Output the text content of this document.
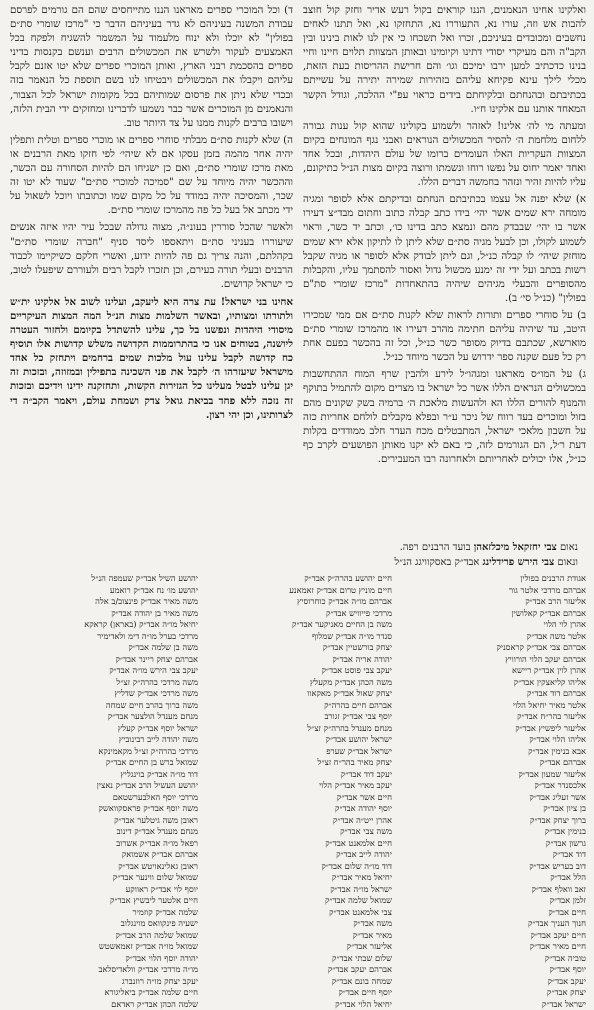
ואלקינו אחינו הנאמנים, הננו קוראים בקול רעש אדיר וחזק קול חוצב להבות אש וזה, עורו נא, התעוררו נא, התחזקו נא, ואל תתנו לאחים נחשבים ומכובדים בעיניכם, זכרו ואל תשכחו כי אין לנו לאות בינינו ובין הקב"ה והם מעיקרי יסודי דתינו וקיומינו ובאותן המצוות תלוים חיינו וחיי בנינו כדכתיב למען ירבו ימיכם וגו׳ והם חרישת ההריסות בעת הזאת, מכלי לילך עינא פקיחא עליהם בזהירות שמירה יתירה על עשייתם בכתיבתם ובהנחתם ובלקיחתם בידים כראוי עפ"י ההלכה, וגודל הקשר המאחד אותנו עם אלקינו ח״ו.

ומעתה מי לה׳ אלינו! לאזהר ולשמוע בקולינו שהוא קול ענות גבורה ללחום מלחמת ה׳ להסיר המכשולים הנוראים ואבני נגף המונחים בקיום המצוות העקריות האלו העומדים ברומו של עולם היהדות, ובכל אחד ואחד יאמר יחוס על נפשו רוחו ונשמתו ורוצה בקיום מצות הנ״ל כתיקונם, עליו להיות זהיר ונזהר בחמשה דברים הללו.

א) שלא יפנה אל עצמו בכתיבתם הנחתם ובדיקתם אלא לסופר ומגיה מומחה ירא שמים אשר יהי׳ בידו כתב קבלה כתוב וחתום מבד״צ דעירו אשר בו יהי׳ שבבדק מהם ונמצא כתב בדינו כו׳, וכתב יד כשר, וראוי לשמוע לקולו, וכן לבעל מגיה סת״ם שלא ליתן לו לתיקון אלא ירא שמים מוחזק שיהי׳ לו קבלה כנ״ל, וגם ליתן לבודק אלא לסופר או מגיה שקבל רשות בכתב ועל ידי זה ימנע מכשול גדול ואסור להסתמך עליו, והקבלות מהסופרים והבעלי מגיהים שיהיה בהתאחדות "מרכז שומרי סת"ם בפולין" (כנ״ל סי׳ ב).

ב) על סוחרי ספרים ותורות לראות שלא לקנות סת״ם אם ממי שמכירו היטב, עד שיהיה עליהם חתימה מהרב דעירו או מהמרכז שומרי סת״ם מוארשא, שכתבם בדיוק מסופר כשר כנ״ל, וכל זה בהכשר בפעם אחת רק כל פעם שקנה ספר ידרוש על הכשר מיוחד כנ״ל.

ג) על המו״ס מאראנו ומגהו״ל לירע ולהבין שרף המוח ההתחשבות במכשולים הנראים הללו אשר כל ישראל בו מצרים מקום להתמיל בתוקף והמנוף להורים הללו הא ולהעשות מלאכת ה׳ ברמיה בשק שקונים מהם בזול ומוכרים בעד רווח של ניכר ע״ר ובפלא מקבלים לולחם אחריות כזה על חשבון מלאכי ישראל, המתבטלים מכח העדר חלב ממודדים בקלות דעת ר׳ל, הם הגורמים לזה, כי באם לא יקנו מאותן הפושעים לקרב כף כנ״ל, אלו יכולים לאחריותם ולאחרונה רבו המעבירים.

ד) וכל המוכרי ספרים מאראנו הננו מתייחסים שהם הם גורמים לפרסם עבודת המשנה בעיניהם לא גדר בעיניהם הדבר כי "מרכז שומרי סת״ם בפולין" לא יוכלו ולא ינוח מלעמוד על המשמר להשגיח ולפקח בכל האמצעים לעקור ולשרש את המכשולים הרבים וענשם בקנסות בדיני ספרים בהסכמת רבני הארץ, ואותן המוכרי ספרים שלא יטו אזנם לקבל עליהם ויקבלו את המכשולים ויבטיחו לנו בשם תוספת כל הנאמר בזה ובכדי שלא ניתן את פרסום שמותיהם בכל מקומות ישראל לכל הצבור, והנאמנים מן המוכרים אשר כבר נשמעו לדברינו ומחזקים ידי הבית הלזה, וישובו ברבים לקנות ממנו על צד היותר טוב.

ה) שלא לקנות סת״ם מבלתי סוחרי ספרים או מוכרי ספרים וטלית ותפלין יהיה אחר מהמה בזמן עסקו אם לא שיהי׳ לפי חזקו מאת הרבנים או מאת מרכז שומרי סת״ם, ואם כן ישגיחו הם להיות הסחורה עם הכשר, וההכשר יהיה מיוחד על שם "סמיכה למוכרי סת״ם" שעוד לא יטו זה שכר, והמסיכה יהיה במודד על כל מקום שמו וכתובתו ויוכל לשאול על ידי מכתב אל בעל כל פה מהמרכז שומרי סת״ם.

ולאשר שהכל סוררין בעונ״ה, מצוה גדולה שבכל עיר יהיו איזה אנשים שיעוררו בעניני סת״ם ויתאספו ליסד סניף "חברה שומרי סת״ם" בקהלתם, והנה צריך גם פה להיות ידוע, ואשרי חלקם כשיקיימו לכבוד הרבנים ובעלי תורה בעירם, וכן תזכרו לקבל רבים ולעוררם שיפעלו לטוב, כי ישראל קדושים.

אחינו בני ישראל! עת צרה היא ליעקב, ועלינו לשוב אל אלקינו ית״ש ולתורתו ומצותיו, ובאשר השלמות מצות הנ״ל המה המצות העיקריים מיסודי היהדות ונפשנו בל כך, עלינו להשתדל בקיומם ולחזור העטרה ליושנה, בטוחים אנו כי בהתרוממות הקדושה משלש קדושות אלו תוסיף כח קדושה לקבל עלינו עול מלכות שמים ברחמים ויתחזק כל אחד מישראל שיעזרהו ה׳ לקבל את פני השכינה בתפילין ובמזוזה, ובזכות זה יגן עלינו לבטל מעלינו כל הגזירות הקשות, ותחזקנה ידינו וידיכם ובזכות זה נזכה ללא פחד בביאת גואל צדק ושמחת עולם, ויאמר הקב״ה די לצרותינו, וכן יהי רצון.

נאום צבי יחזקאל מיכלזאהן בועד הרבנים רפה.
ונאום צבי הירש פרידלינג אבד״ק באסקוויגג הנ״ל
אגודת הרבנים בפולין
אברהם מרדכי אלטר גור
אליעזר הרב אבד״ק
אברהם אבד״ק קאלושין
אהרן לוי הלוי
אלטר משה אבד״ק
אברהם צבי אבד״ק קראסניק
אברהם יעקב הלוי הורוויץ
אהרן לוין אבד״ק ריישא
אליהו קליאצקין אבד״ק
אברהם דוד אבד״ק
אלטר מאיר יחיאל הלוי
אליעזר בהר״ח אבד״ק
אליעזר ליפשיץ אבד״ק
אליהו הלוי אבד״ק
אבא בנימין אבד״ק
אברהם אבד״ק
אליעזר שמעון אבד״ק
אלכסנדר אבד״ק
אשר זעליג אבד״ק
בן ציון אבד״ק
ברוך יצחק אבד״ק
בנימין אבד״ק
גרשון אבד״ק
דוד אבד״ק
דוב בעריש אבד״ק
הלל אבד״ק
זאב וואלף אבד״ק
זלמן אבד״ק
חיים אבד״ק
חנוך העניך אבד״ק
חיים יעקב אבד״ק
חיים מאיר אבד״ק
טוביה אבד״ק
יוסף אבד״ק
יעקב אבד״ק
יצחק אבד״ק
ישראל אבד״ק
חיים יהושע בהרה״ק אבד״ק
חיים מוניץ טרום אבד״ק זאמאנע
אברהם מו״ה אבד״ק כוחרוסיץ
מרדכי פייוויש אבד״ק
משה בן החיים מאניקער אבד״ק
סנדר מו״ה אבד״ק שמלוף
יצחק בורשטיין אבד״ק
יהודה אריה אבד״ק
יעקב צבי פוסט אבד״ק
משה הכהן אבד״ק מקעלץ
יצחק שאול אבד״ק מאקאוו
אברהם חיים בהרה״ק
יוסף צבי אבד״ק זגורב
מנחם מענדל בהרה״ק זצ״ל
ישראל יהושע אבד״ק
ישראל אבד״ק שערפ
יצחק מאיר בהר״ח זצ״ל
יעקב דוד אבד״ק
יעקב מאיר אבד״ק הלוי
חיים אשר אבד״ק
יוסף יהודה אבד״ק
אהרן ייט״ה אבד״ק
משה צבי אבד״ק
חיים אלמאנט אבד״ק
יהודה לייב אבד״ק
דוד מו״ה שלום אבד״ק
יחיאל מאיר אבד״ק
ישראל מו״ה אבד״ק
שמואל שלמה אבד״ק
צבי אלמאנט אבד״ק
משה אבד״ק
מאיר אבד״ק
אליעזר אבד״ק
שלום שבתי אבד״ק
אברהם יעקב אבד״ק
שמחה בונם אבד״ק
יוסף חיים אבד״ק
יחיאל הלוי אבד״ק
יהושע השיל אבד״ק שעמפה הנ״ל
יהושע מו׳ נח אבד״ק רואמע
משה מאיר אבד״ק פינצוב/ב אלה
משה מאיר בן יהודה אבד״ק
יחיאל מו״ה אבד״ק (באראן) קראקא
מרדכי בערל מו״ה דימ ולאדימיר
משה בן שלמה אבד״ק
אברהם יצחק ריינר אבד״ק
יעקב צבי הירש מו״ה אבד״ק
משה מרדכי בהרה״ק זצ״ל
משה מרדכי אבד״ק שדליץ
משה ברוך בהרב חיים שמחה
מנחם מענדל הולצער אבד״ק
ישראל יוסף אבד״ק קעלץ
משה יהודה לייב רבינוביץ
מרדכי בהרה״ק זצ״ל מקאמינקא
שמואל ברש בן החיים אבד״ק
דוד מו״ה אבד״ק בוינגליץ
יהושע העשיל הרב אבד״ק נאצין
מרדכי יוסף האלבערשטאם
משה יוסף אבד״ק פראסקוואשק
ראובן משה גיטלער אבד״ק
מנחם מענדל אבד״ק דינוב
רפאל מו״ה אבד״ק אשרוב
אברהם אבד״ק אשמואק
ראובן גאלינאויטש אבד״ק
שמואל שלום ווינער אבד״ק
יוסף לוי אבד״ק ראווקע
חיים אלטער ליבשיץ אבד״ק
שלמה אבד״ק קוזמיר
ישעיה פינקוואס מוינגלוב
שמואל שלמה הרב אבד״ק
שמואל מו״ה אבד״ק זאמאשטש
יהודה יוסף הלוי אבד״ק
מו״ה מרדכי אבד״ק וולאדיסלאב
יעקב יצחק מו״ה רוזנברג
חיים שלמה אבד״ק ביאליגורא
שלמה הכהן אבד״ק ראדאם
